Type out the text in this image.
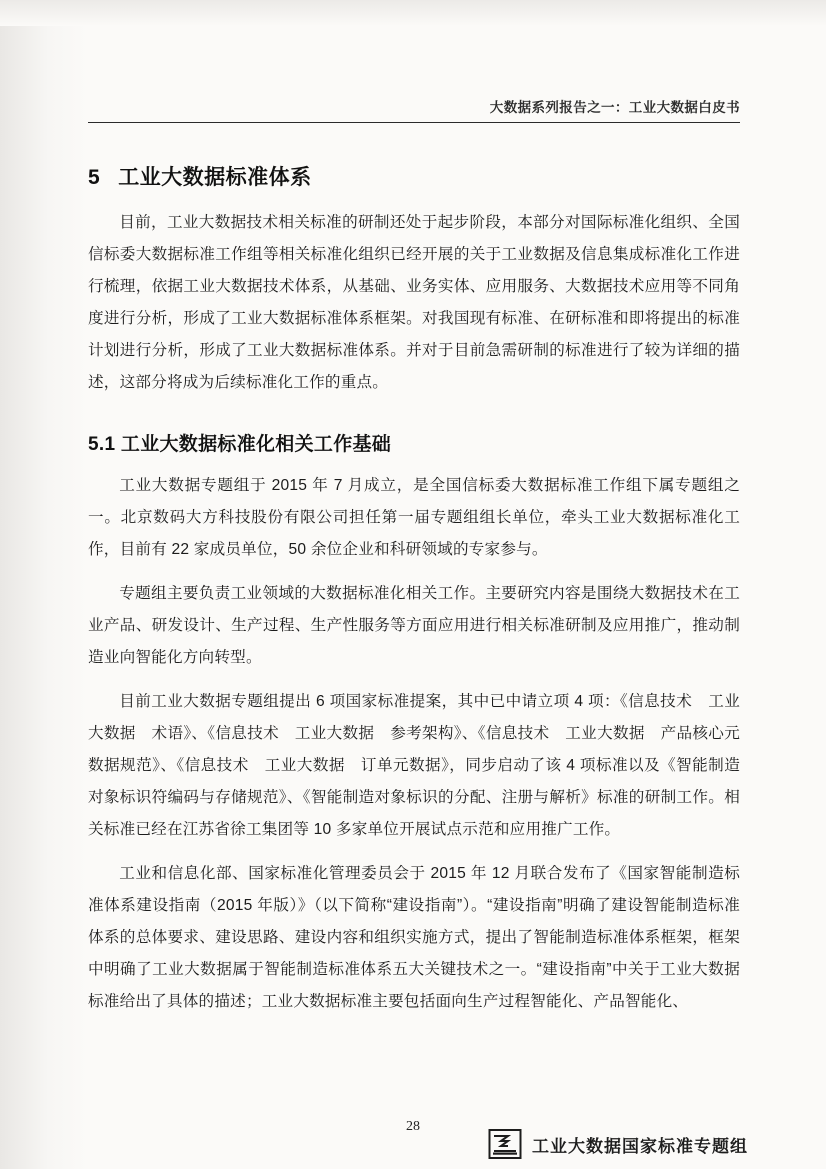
大数据系列报告之一：工业大数据白皮书
5 工业大数据标准体系

目前，工业大数据技术相关标准的研制还处于起步阶段，本部分对国际标准化组织、全国信标委大数据标准工作组等相关标准化组织已经开展的关于工业数据及信息集成标准化工作进行梳理，依据工业大数据技术体系，从基础、业务实体、应用服务、大数据技术应用等不同角度进行分析，形成了工业大数据标准体系框架。对我国现有标准、在研标准和即将提出的标准计划进行分析，形成了工业大数据标准体系。并对于目前急需研制的标准进行了较为详细的描述，这部分将成为后续标准化工作的重点。

5.1 工业大数据标准化相关工作基础

工业大数据专题组于 2015 年 7 月成立，是全国信标委大数据标准工作组下属专题组之一。北京数码大方科技股份有限公司担任第一届专题组组长单位，牵头工业大数据标准化工作，目前有 22 家成员单位，50 余位企业和科研领域的专家参与。

专题组主要负责工业领域的大数据标准化相关工作。主要研究内容是围绕大数据技术在工业产品、研发设计、生产过程、生产性服务等方面应用进行相关标准研制及应用推广，推动制造业向智能化方向转型。

目前工业大数据专题组提出 6 项国家标准提案，其中已中请立项 4 项：《信息技术　工业大数据　术语》、《信息技术　工业大数据　参考架构》、《信息技术　工业大数据　产品核心元数据规范》、《信息技术　工业大数据　订单元数据》，同步启动了该 4 项标准以及《智能制造对象标识符编码与存储规范》、《智能制造对象标识的分配、注册与解析》标准的研制工作。相关标准已经在江苏省徐工集团等 10 多家单位开展试点示范和应用推广工作。

工业和信息化部、国家标准化管理委员会于 2015 年 12 月联合发布了《国家智能制造标准体系建设指南（2015 年版）》（以下简称“建设指南”）。“建设指南”明确了建设智能制造标准体系的总体要求、建设思路、建设内容和组织实施方式，提出了智能制造标准体系框架，框架中明确了工业大数据属于智能制造标准体系五大关键技术之一。“建设指南”中关于工业大数据标准给出了具体的描述；工业大数据标准主要包括面向生产过程智能化、产品智能化、

28
工业大数据国家标准专题组
